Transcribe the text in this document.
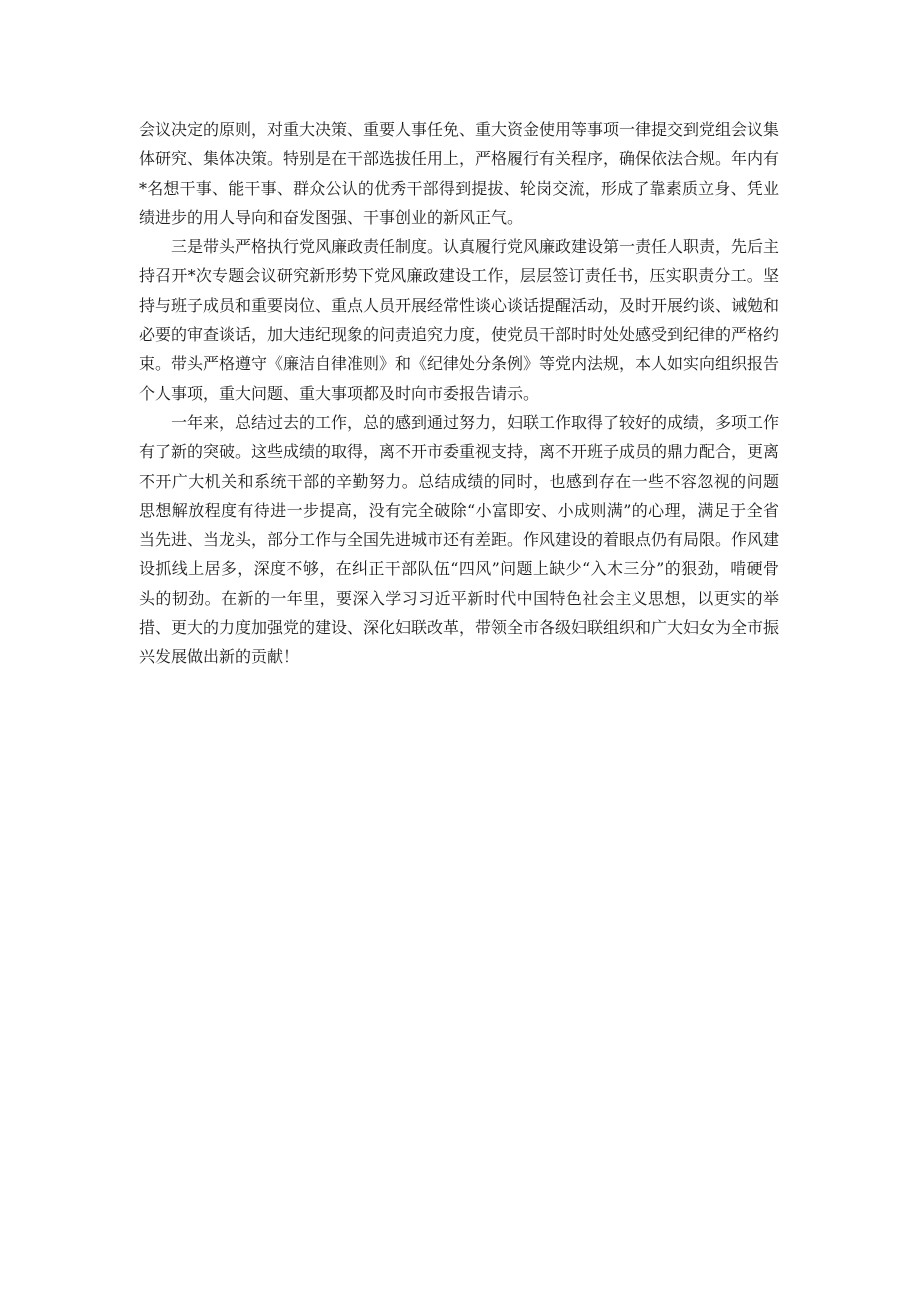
会议决定的原则，对重大决策、重要人事任免、重大资金使用等事项一律提交到党组会议集体研究、集体决策。特别是在干部选拔任用上，严格履行有关程序，确保依法合规。年内有*名想干事、能干事、群众公认的优秀干部得到提拔、轮岗交流，形成了靠素质立身、凭业绩进步的用人导向和奋发图强、干事创业的新风正气。

三是带头严格执行党风廉政责任制度。认真履行党风廉政建设第一责任人职责，先后主持召开*次专题会议研究新形势下党风廉政建设工作，层层签订责任书，压实职责分工。坚持与班子成员和重要岗位、重点人员开展经常性谈心谈话提醒活动，及时开展约谈、诫勉和必要的审查谈话，加大违纪现象的问责追究力度，使党员干部时时处处感受到纪律的严格约束。带头严格遵守《廉洁自律准则》和《纪律处分条例》等党内法规，本人如实向组织报告个人事项，重大问题、重大事项都及时向市委报告请示。

一年来，总结过去的工作，总的感到通过努力，妇联工作取得了较好的成绩，多项工作有了新的突破。这些成绩的取得，离不开市委重视支持，离不开班子成员的鼎力配合，更离不开广大机关和系统干部的辛勤努力。总结成绩的同时，也感到存在一些不容忽视的问题 思想解放程度有待进一步提高，没有完全破除“小富即安、小成则满”的心理，满足于全省当先进、当龙头，部分工作与全国先进城市还有差距。作风建设的着眼点仍有局限。作风建设抓线上居多，深度不够，在纠正干部队伍“四风”问题上缺少“入木三分”的狠劲，啃硬骨头的韧劲。在新的一年里，要深入学习习近平新时代中国特色社会主义思想，以更实的举措、更大的力度加强党的建设、深化妇联改革，带领全市各级妇联组织和广大妇女为全市振兴发展做出新的贡献！
